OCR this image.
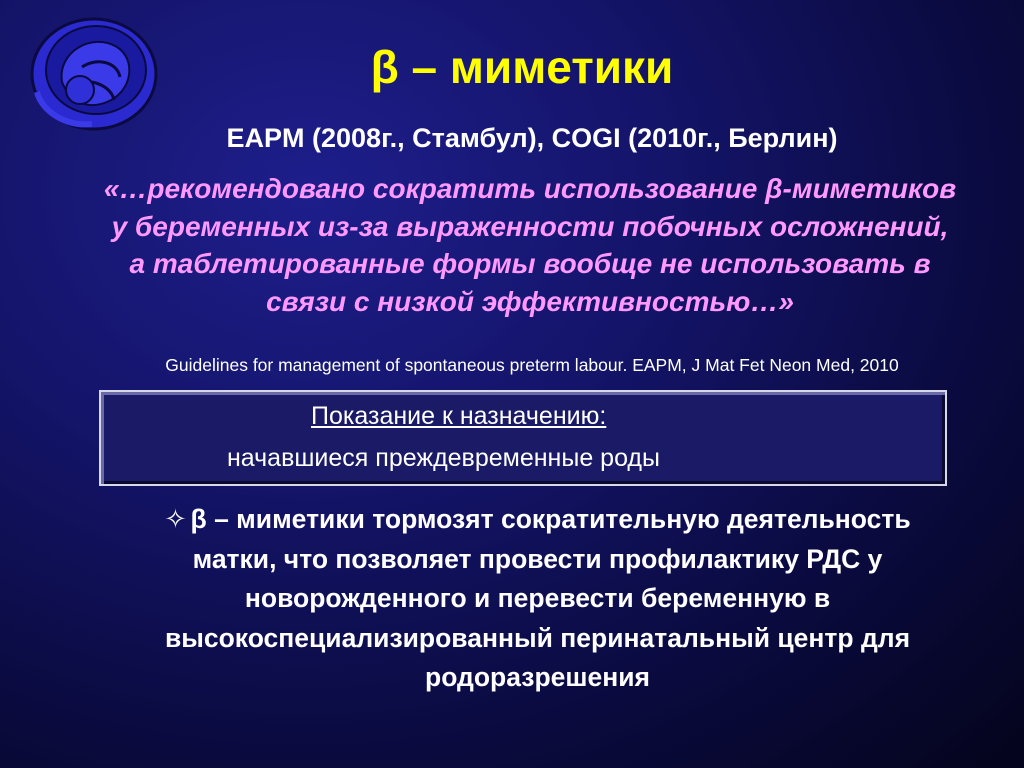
β – миметики
EAPM (2008г., Стамбул), COGI (2010г., Берлин)
«…рекомендовано сократить использование β-миметиков у беременных из-за выраженности побочных осложнений, а таблетированные формы вообще не использовать в связи с низкой эффективностью…»
Guidelines for management of spontaneous preterm labour. EAPM, J Mat Fet Neon Med, 2010
Показание к назначению:
начавшиеся преждевременные роды
✧ β – миметики тормозят сократительную деятельность матки, что позволяет провести профилактику РДС у новорожденного и перевести беременную в высокоспециализированный перинатальный центр для родоразрешения
